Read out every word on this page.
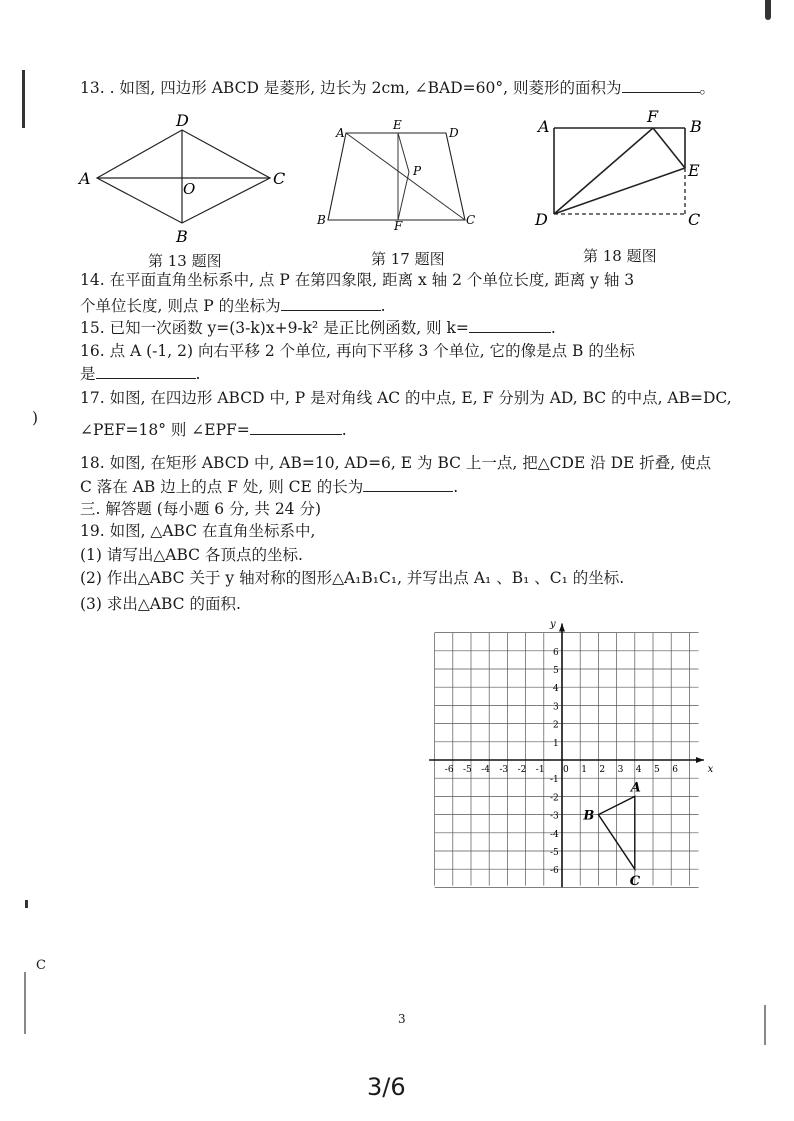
C
)
13. . 如图, 四边形 ABCD 是菱形, 边长为 2cm, ∠BAD=60°, 则菱形的面积为	。
A
D
C
B
O
第 13 题图
A
E
D
P
B	F	C
第 17 题图
A
F
B
E
D	C
第 18 题图
14. 在平面直角坐标系中, 点 P 在第四象限, 距离 x 轴 2 个单位长度, 距离 y 轴 3
个单位长度, 则点 P 的坐标为	.
15. 已知一次函数 y=(3-k)x+9-k² 是正比例函数, 则 k=	.
16. 点 A (-1, 2) 向右平移 2 个单位, 再向下平移 3 个单位, 它的像是点 B 的坐标
是	.
17. 如图, 在四边形 ABCD 中, P 是对角线 AC 的中点, E, F 分别为 AD, BC 的中点, AB=DC,
∠PEF=18° 则 ∠EPF=	.
18. 如图, 在矩形 ABCD 中, AB=10, AD=6, E 为 BC 上一点, 把△CDE 沿 DE 折叠, 使点
C 落在 AB 边上的点 F 处, 则 CE 的长为	.
三. 解答题 (每小题 6 分, 共 24 分)
19. 如图, △ABC 在直角坐标系中,
(1) 请写出△ABC 各顶点的坐标.
(2) 作出△ABC 关于 y 轴对称的图形△A₁B₁C₁, 并写出点 A₁ 、B₁ 、C₁ 的坐标.
(3) 求出△ABC 的面积.
x
y
-6 -5 -4 -3 -2 -1 0 1 2 3 4 5 6
6
5
4
3
2
1
-1
-2
-3
-4
-5
-6
A
B
C
3
3/6
